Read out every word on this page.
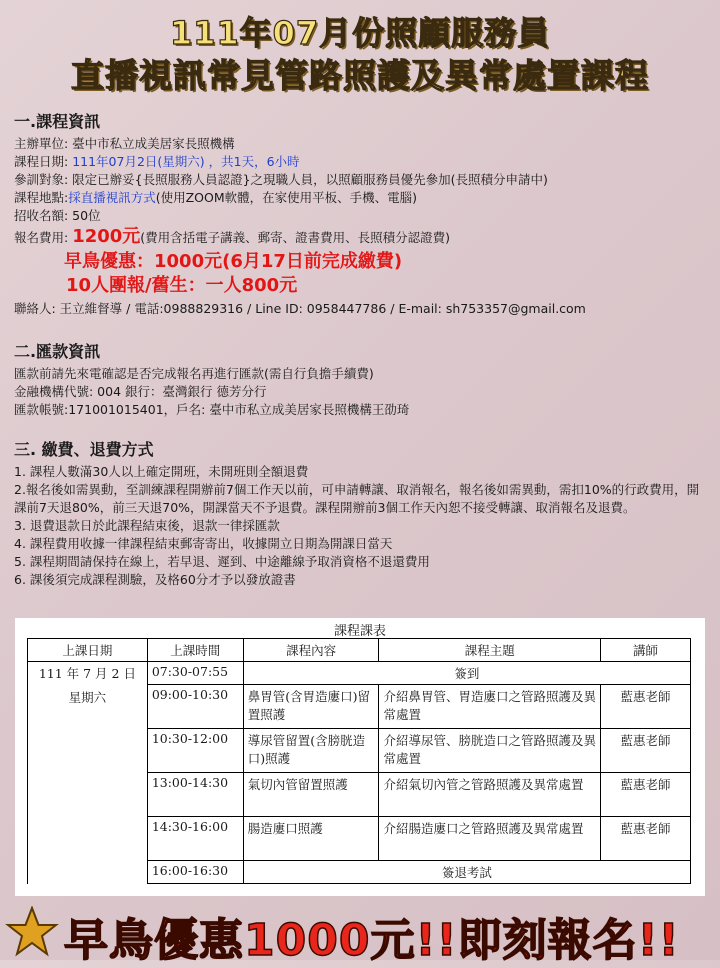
111年07月份照顧服務員
直播視訊常見管路照護及異常處置課程
一.課程資訊
主辦單位: 臺中市私立成美居家長照機構
課程日期: 111年07月2日(星期六) ，共1天，6小時
參訓對象: 限定已辦妥{長照服務人員認證}之現職人員，以照顧服務員優先參加(長照積分申請中)
課程地點:採直播視訊方式(使用ZOOM軟體，在家使用平板、手機、電腦)
招收名額: 50位
報名費用: 1200元(費用含括電子講義、郵寄、證書費用、長照積分認證費)
早鳥優惠：1000元(6月17日前完成繳費)
10人團報/舊生：一人800元
聯絡人: 王立維督導 / 電話:0988829316 / Line ID: 0958447786 / E-mail: sh753357@gmail.com
二.匯款資訊
匯款前請先來電確認是否完成報名再進行匯款(需自行負擔手續費)
金融機構代號: 004 銀行：臺灣銀行 德芳分行
匯款帳號:171001015401，戶名: 臺中市私立成美居家長照機構王劭琦
三. 繳費、退費方式
1. 課程人數滿30人以上確定開班，未開班則全額退費
2.報名後如需異動，至訓練課程開辦前7個工作天以前，可申請轉讓、取消報名，報名後如需異動，需扣10%的行政費用，開課前7天退80%，前三天退70%，開課當天不予退費。課程開辦前3個工作天內恕不接受轉讓、取消報名及退費。
3. 退費退款日於此課程結束後，退款一律採匯款
4. 課程費用收據一律課程結束郵寄寄出，收據開立日期為開課日當天
5. 課程期間請保持在線上，若早退、遲到、中途離線予取消資格不退還費用
6. 課後須完成課程測驗，及格60分才予以發放證書
課程課表
上課日期	上課時間	課程內容	課程主題	講師

111 年 7 月 2 日
星期六	07:30-07:55	簽到		
	09:00-10:30	鼻胃管(含胃造廔口)留置照護	介紹鼻胃管、胃造廔口之管路照護及異常處置	藍惠老師
	10:30-12:00	導尿管留置(含膀胱造口)照護	介紹導尿管、膀胱造口之管路照護及異常處置	藍惠老師
	13:00-14:30	氣切內管留置照護	介紹氣切內管之管路照護及異常處置	藍惠老師
	14:30-16:00	腸造廔口照護	介紹腸造廔口之管路照護及異常處置	藍惠老師
	16:00-16:30	簽退考試		
早鳥優惠1000元!!即刻報名!!
